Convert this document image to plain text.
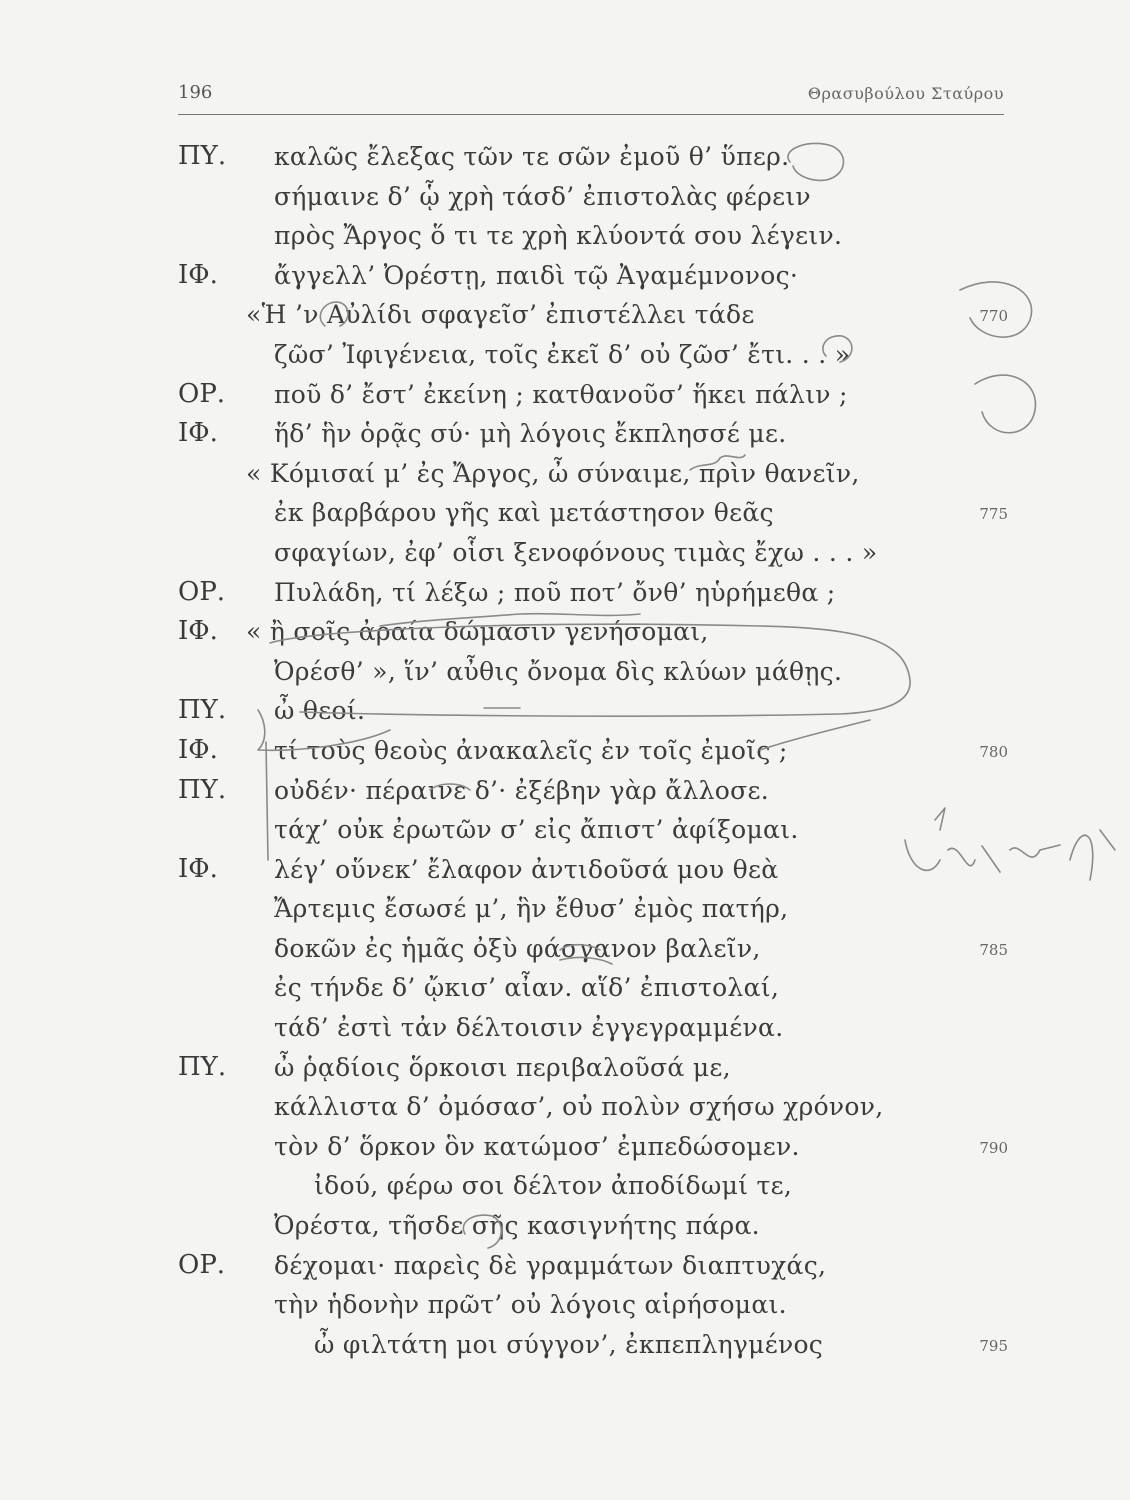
196	Θρασυβούλου Σταύρου
ΠΥ. καλῶς ἔλεξας τῶν τε σῶν ἐμοῦ θ’ ὕπερ.
σήμαινε δ’ ᾧ χρὴ τάσδ’ ἐπιστολὰς φέρειν
πρὸς Ἄργος ὅ τι τε χρὴ κλύοντά σου λέγειν.
ΙΦ. ἄγγελλ’ Ὀρέστῃ, παιδὶ τῷ Ἀγαμέμνονος·
«Ἡ ’ν Αὐλίδι σφαγεῖσ’ ἐπιστέλλει τάδε	770
ζῶσ’ Ἰφιγένεια, τοῖς ἐκεῖ δ’ οὐ ζῶσ’ ἔτι. . . »
ΟΡ. ποῦ δ’ ἔστ’ ἐκείνη ; κατθανοῦσ’ ἥκει πάλιν ;
ΙΦ. ἥδ’ ἣν ὁρᾷς σύ· μὴ λόγοις ἔκπλησσέ με.
« Κόμισαί μ’ ἐς Ἄργος, ὦ σύναιμε, πρὶν θανεῖν,
ἐκ βαρβάρου γῆς καὶ μετάστησον θεᾶς	775
σφαγίων, ἐφ’ οἷσι ξενοφόνους τιμὰς ἔχω . . . »
ΟΡ. Πυλάδη, τί λέξω ; ποῦ ποτ’ ὄνθ’ ηὑρήμεθα ;
ΙΦ. « ἢ σοῖς ἀραία δώμασιν γενήσομαι,
Ὀρέσθ’ », ἵν’ αὖθις ὄνομα δὶς κλύων μάθῃς.
ΠΥ. ὦ θεοί.
ΙΦ. τί τοὺς θεοὺς ἀνακαλεῖς ἐν τοῖς ἐμοῖς ;	780
ΠΥ. οὐδέν· πέραινε δ’· ἐξέβην γὰρ ἄλλοσε.
τάχ’ οὐκ ἐρωτῶν σ’ εἰς ἄπιστ’ ἀφίξομαι.
ΙΦ. λέγ’ οὕνεκ’ ἔλαφον ἀντιδοῦσά μου θεὰ
Ἄρτεμις ἔσωσέ μ’, ἣν ἔθυσ’ ἐμὸς πατήρ,
δοκῶν ἐς ἡμᾶς ὀξὺ φάσγανον βαλεῖν,	785
ἐς τήνδε δ’ ᾤκισ’ αἶαν. αἵδ’ ἐπιστολαί,
τάδ’ ἐστὶ τἀν δέλτοισιν ἐγγεγραμμένα.
ΠΥ. ὦ ῥᾳδίοις ὅρκοισι περιβαλοῦσά με,
κάλλιστα δ’ ὀμόσασ’, οὐ πολὺν σχήσω χρόνον,
τὸν δ’ ὅρκον ὃν κατώμοσ’ ἐμπεδώσομεν.	790
ἰδού, φέρω σοι δέλτον ἀποδίδωμί τε,
Ὀρέστα, τῆσδε σῆς κασιγνήτης πάρα.
ΟΡ. δέχομαι· παρεὶς δὲ γραμμάτων διαπτυχάς,
τὴν ἡδονὴν πρῶτ’ οὐ λόγοις αἱρήσομαι.
ὦ φιλτάτη μοι σύγγον’, ἐκπεπληγμένος	795
